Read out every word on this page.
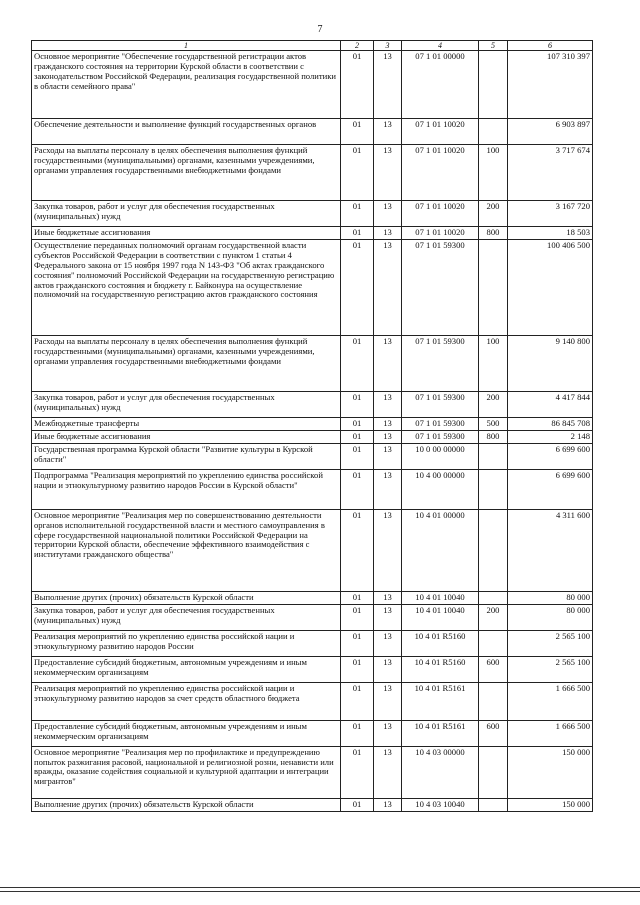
7
1	2	3	4	5	6
Основное мероприятие "Обеспечение государственной регистрации актов гражданского состояния на территории Курской области в соответствии с законодательством Российской Федерации, реализация государственной политики в области семейного права"	01	13	07 1 01 00000		107 310 397
Обеспечение деятельности и выполнение функций государственных органов	01	13	07 1 01 10020		6 903 897
Расходы на выплаты персоналу в целях обеспечения выполнения функций государственными (муниципальными) органами, казенными учреждениями, органами управления государственными внебюджетными фондами	01	13	07 1 01 10020	100	3 717 674
Закупка товаров, работ и услуг для обеспечения государственных (муниципальных) нужд	01	13	07 1 01 10020	200	3 167 720
Иные бюджетные ассигнования	01	13	07 1 01 10020	800	18 503
Осуществление переданных полномочий органам государственной власти субъектов Российской Федерации в соответствии с пунктом 1 статьи 4 Федерального закона от 15 ноября 1997 года N 143-ФЗ "Об актах гражданского состояния" полномочий Российской Федерации на государственную регистрацию актов гражданского состояния и бюджету г. Байконура на осуществление полномочий на государственную регистрацию актов гражданского состояния	01	13	07 1 01 59300		100 406 500
Расходы на выплаты персоналу в целях обеспечения выполнения функций государственными (муниципальными) органами, казенными учреждениями, органами управления государственными внебюджетными фондами	01	13	07 1 01 59300	100	9 140 800
Закупка товаров, работ и услуг для обеспечения государственных (муниципальных) нужд	01	13	07 1 01 59300	200	4 417 844
Межбюджетные трансферты	01	13	07 1 01 59300	500	86 845 708
Иные бюджетные ассигнования	01	13	07 1 01 59300	800	2 148
Государственная программа Курской области "Развитие культуры в Курской области"	01	13	10 0 00 00000		6 699 600
Подпрограмма "Реализация мероприятий по укреплению единства российской нации и этнокультурному развитию народов России в Курской области"	01	13	10 4 00 00000		6 699 600
Основное мероприятие "Реализация мер по совершенствованию деятельности органов исполнительной государственной власти и местного самоуправления в сфере государственной национальной политики Российской Федерации на территории Курской области, обеспечение эффективного взаимодействия с институтами гражданского общества"	01	13	10 4 01 00000		4 311 600
Выполнение других (прочих) обязательств Курской области	01	13	10 4 01 10040		80 000
Закупка товаров, работ и услуг для обеспечения государственных (муниципальных) нужд	01	13	10 4 01 10040	200	80 000
Реализация мероприятий по укреплению единства российской нации и этнокультурному развитию народов России	01	13	10 4 01 R5160		2 565 100
Предоставление субсидий бюджетным, автономным учреждениям и иным некоммерческим организациям	01	13	10 4 01 R5160	600	2 565 100
Реализация мероприятий по укреплению единства российской нации и этнокультурному развитию народов за счет средств областного бюджета	01	13	10 4 01 R5161		1 666 500
Предоставление субсидий бюджетным, автономным учреждениям и иным некоммерческим организациям	01	13	10 4 01 R5161	600	1 666 500
Основное мероприятие "Реализация мер по профилактике и предупреждению попыток разжигания расовой, национальной и религиозной розни, ненависти или вражды, оказание содействия социальной и культурной адаптации и интеграции мигрантов"	01	13	10 4 03 00000		150 000
Выполнение других (прочих) обязательств Курской области	01	13	10 4 03 10040		150 000
